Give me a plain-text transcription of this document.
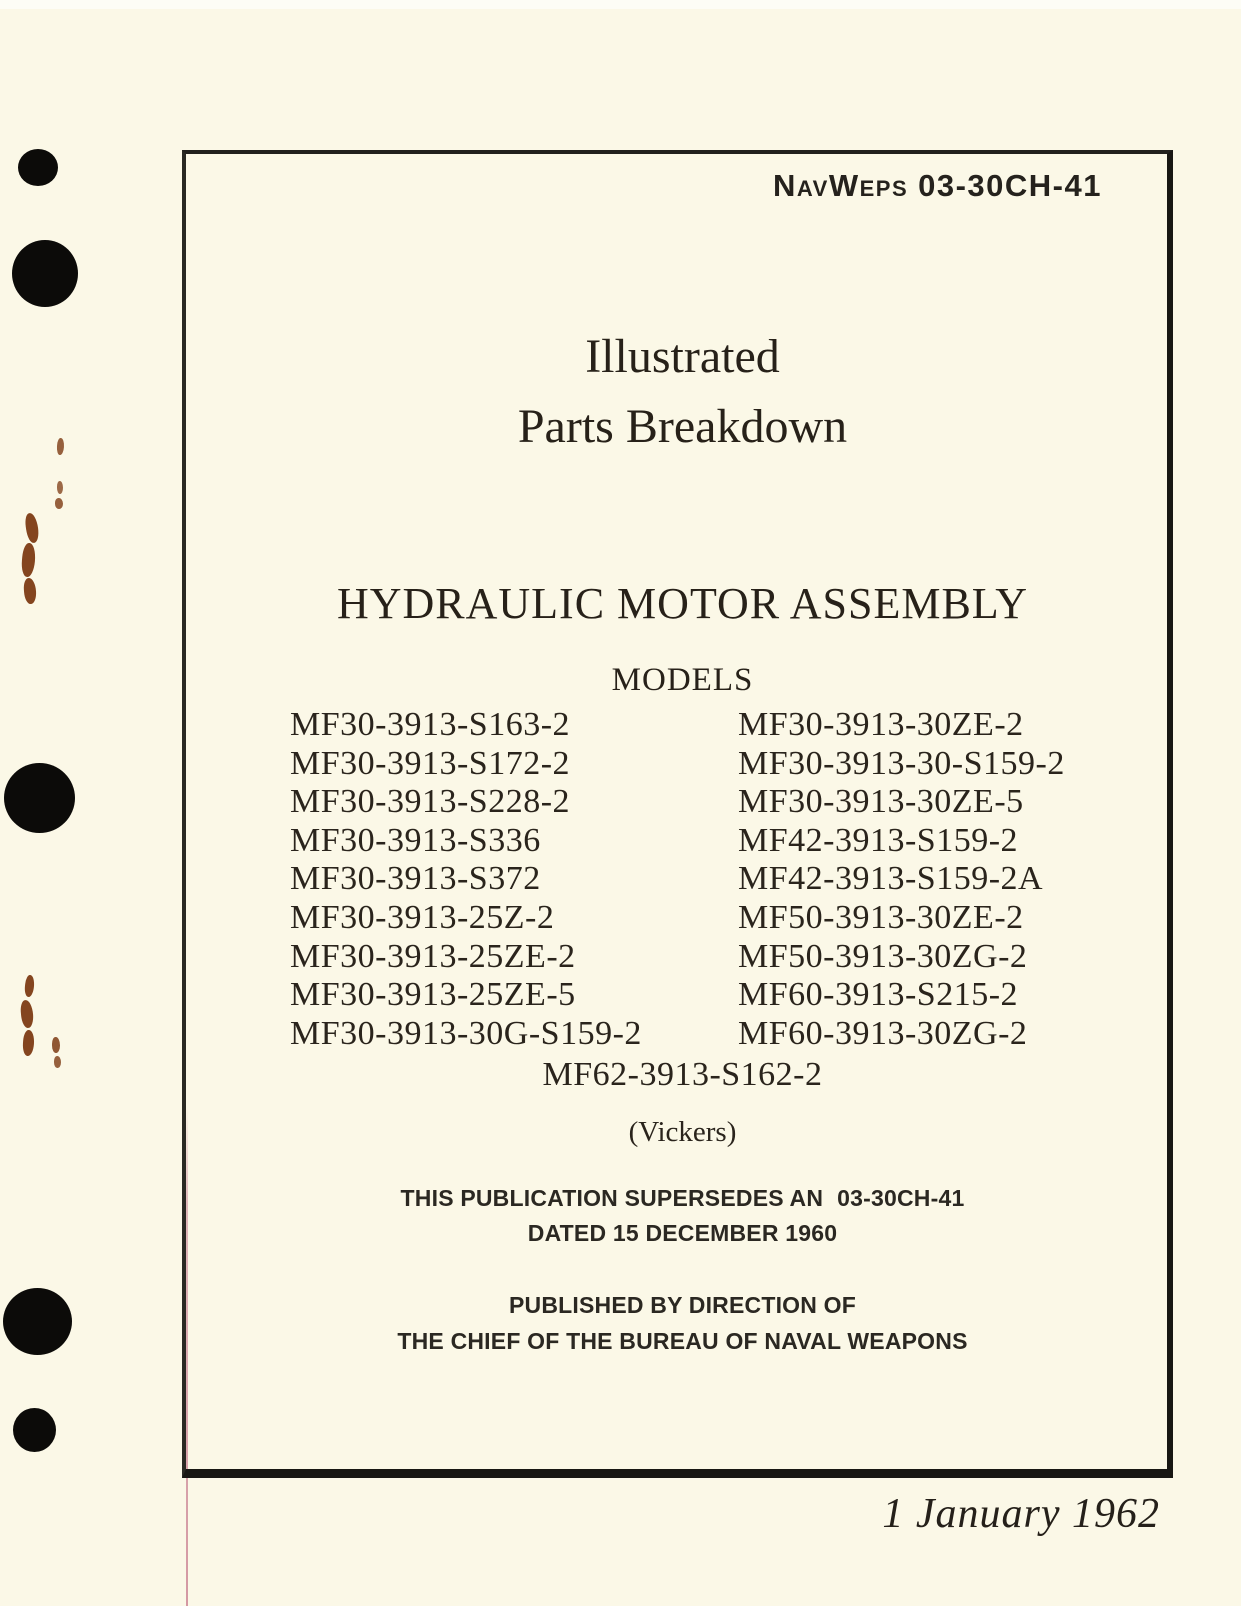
NavWeps 03-30CH-41
Illustrated
Parts Breakdown
HYDRAULIC MOTOR ASSEMBLY
MODELS
MF30-3913-S163-2
MF30-3913-S172-2
MF30-3913-S228-2
MF30-3913-S336
MF30-3913-S372
MF30-3913-25Z-2
MF30-3913-25ZE-2
MF30-3913-25ZE-5
MF30-3913-30G-S159-2
MF30-3913-30ZE-2
MF30-3913-30-S159-2
MF30-3913-30ZE-5
MF42-3913-S159-2
MF42-3913-S159-2A
MF50-3913-30ZE-2
MF50-3913-30ZG-2
MF60-3913-S215-2
MF60-3913-30ZG-2
MF62-3913-S162-2
(Vickers)
THIS PUBLICATION SUPERSEDES AN 03-30CH-41
DATED 15 DECEMBER 1960
PUBLISHED BY DIRECTION OF
THE CHIEF OF THE BUREAU OF NAVAL WEAPONS
1 January 1962
